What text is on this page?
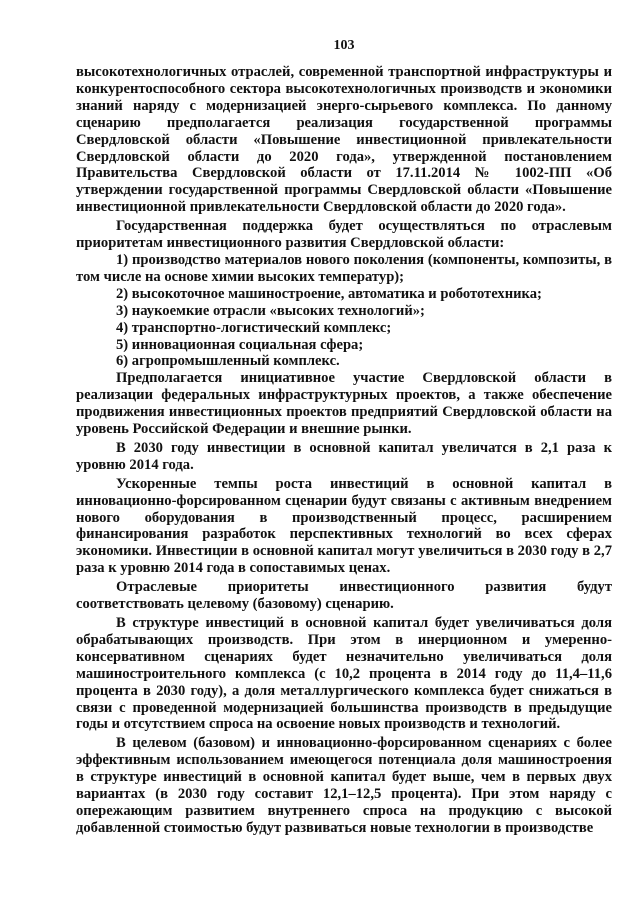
103

высокотехнологичных отраслей, современной транспортной инфраструктуры и конкурентоспособного сектора высокотехнологичных производств и экономики знаний наряду с модернизацией энерго-сырьевого комплекса. По данному сценарию предполагается реализация государственной программы Свердловской области «Повышение инвестиционной привлекательности Свердловской области до 2020 года», утвержденной постановлением Правительства Свердловской области от 17.11.2014 № 1002-ПП «Об утверждении государственной программы Свердловской области «Повышение инвестиционной привлекательности Свердловской области до 2020 года».

Государственная поддержка будет осуществляться по отраслевым приоритетам инвестиционного развития Свердловской области:

1) производство материалов нового поколения (компоненты, композиты, в том числе на основе химии высоких температур);

2) высокоточное машиностроение, автоматика и робототехника;

3) наукоемкие отрасли «высоких технологий»;

4) транспортно-логистический комплекс;

5) инновационная социальная сфера;

6) агропромышленный комплекс.

Предполагается инициативное участие Свердловской области в реализации федеральных инфраструктурных проектов, а также обеспечение продвижения инвестиционных проектов предприятий Свердловской области на уровень Российской Федерации и внешние рынки.

В 2030 году инвестиции в основной капитал увеличатся в 2,1 раза к уровню 2014 года.

Ускоренные темпы роста инвестиций в основной капитал в инновационно-форсированном сценарии будут связаны с активным внедрением нового оборудования в производственный процесс, расширением финансирования разработок перспективных технологий во всех сферах экономики. Инвестиции в основной капитал могут увеличиться в 2030 году в 2,7 раза к уровню 2014 года в сопоставимых ценах.

Отраслевые приоритеты инвестиционного развития будут соответствовать целевому (базовому) сценарию.

В структуре инвестиций в основной капитал будет увеличиваться доля обрабатывающих производств. При этом в инерционном и умеренно-консервативном сценариях будет незначительно увеличиваться доля машиностроительного комплекса (с 10,2 процента в 2014 году до 11,4–11,6 процента в 2030 году), а доля металлургического комплекса будет снижаться в связи с проведенной модернизацией большинства производств в предыдущие годы и отсутствием спроса на освоение новых производств и технологий.

В целевом (базовом) и инновационно-форсированном сценариях с более эффективным использованием имеющегося потенциала доля машиностроения в структуре инвестиций в основной капитал будет выше, чем в первых двух вариантах (в 2030 году составит 12,1–12,5 процента). При этом наряду с опережающим развитием внутреннего спроса на продукцию с высокой добавленной стоимостью будут развиваться новые технологии в производстве
